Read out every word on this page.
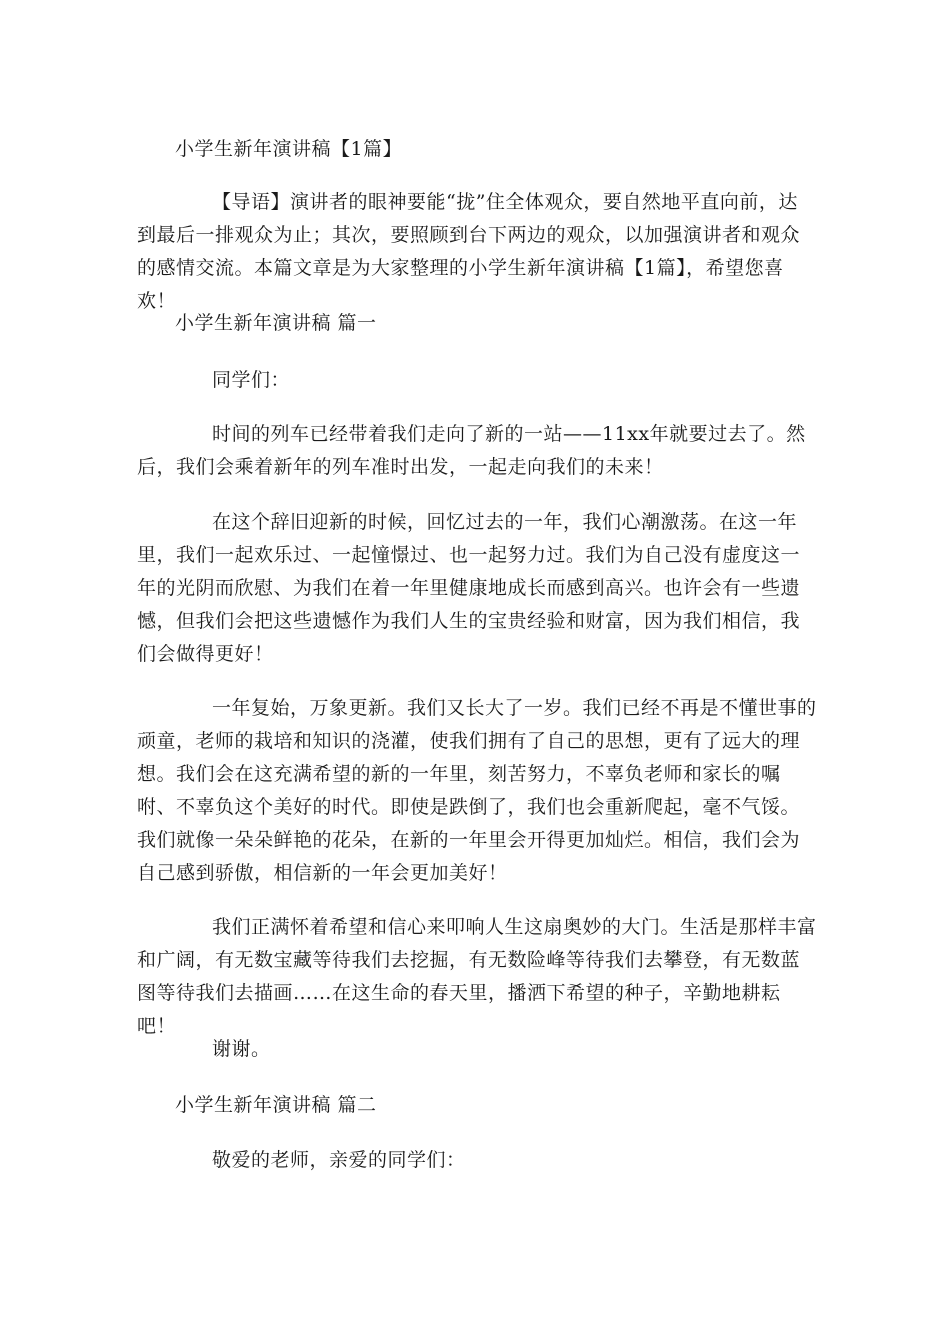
小学生新年演讲稿【1篇】

【导语】演讲者的眼神要能“拢”住全体观众，要自然地平直向前，达到最后一排观众为止；其次，要照顾到台下两边的观众，以加强演讲者和观众的感情交流。本篇文章是为大家整理的小学生新年演讲稿【1篇】，希望您喜欢！

小学生新年演讲稿 篇一

同学们：

时间的列车已经带着我们走向了新的一站——11xx年就要过去了。然后，我们会乘着新年的列车准时出发，一起走向我们的未来！

在这个辞旧迎新的时候，回忆过去的一年，我们心潮激荡。在这一年里，我们一起欢乐过、一起憧憬过、也一起努力过。我们为自己没有虚度这一年的光阴而欣慰、为我们在着一年里健康地成长而感到高兴。也许会有一些遗憾，但我们会把这些遗憾作为我们人生的宝贵经验和财富，因为我们相信，我们会做得更好！

一年复始，万象更新。我们又长大了一岁。我们已经不再是不懂世事的顽童，老师的栽培和知识的浇灌，使我们拥有了自己的思想，更有了远大的理想。我们会在这充满希望的新的一年里，刻苦努力，不辜负老师和家长的嘱咐、不辜负这个美好的时代。即使是跌倒了，我们也会重新爬起，毫不气馁。我们就像一朵朵鲜艳的花朵，在新的一年里会开得更加灿烂。相信，我们会为自己感到骄傲，相信新的一年会更加美好！

我们正满怀着希望和信心来叩响人生这扇奥妙的大门。生活是那样丰富和广阔，有无数宝藏等待我们去挖掘，有无数险峰等待我们去攀登，有无数蓝图等待我们去描画……在这生命的春天里，播洒下希望的种子，辛勤地耕耘吧！

谢谢。

小学生新年演讲稿 篇二

敬爱的老师，亲爱的同学们：
